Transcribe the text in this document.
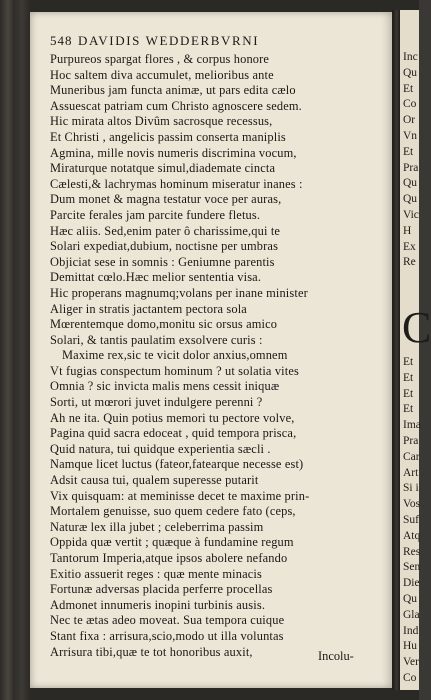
Inc
Qu
Et
Co
Or
Vn
Et
Pra
Qu
Qu
Vic
H
Ex
Re
C
Et
Et
Et
Et
Ima
Pra
Car
Art
Si i
Vos
Suf
Atq
Res
Sen
Die
Qu
Gla
Ind
Hu
Ver
Co
548 DAVIDIS WEDDERBVRNI
Purpureos spargat flores , & corpus honore
Hoc saltem diva accumulet, melioribus ante
Muneribus jam functa animæ, ut pars edita cælo
Assuescat patriam cum Christo agnoscere sedem.
Hic mirata altos Divûm sacrosque recessus,
Et Christi , angelicis passim conserta maniplis
Agmina, mille novis numeris discrimina vocum,
Miraturque notatque simul,diademate cincta
Cælesti,& lachrymas hominum miseratur inanes :
Dum monet & magna testatur voce per auras,
Parcite ferales jam parcite fundere fletus.
Hæc aliis. Sed,enim pater ô charissime,qui te
Solari expediat,dubium, noctisne per umbras
Objiciat sese in somnis : Geniumne parentis
Demittat cœlo.Hæc melior sententia visa.
Hic properans magnumq;volans per inane minister
Aliger in stratis jactantem pectora sola
Mœrentemque domo,monitu sic orsus amico
Solari, & tantis paulatim exsolvere curis :
Maxime rex,sic te vicit dolor anxius,omnem
Vt fugias conspectum hominum ? ut solatia vites
Omnia ? sic invicta malis mens cessit iniquæ
Sorti, ut mœrori juvet indulgere perenni ?
Ah ne ita. Quin potius memori tu pectore volve,
Pagina quid sacra edoceat , quid tempora prisca,
Quid natura, tui quidque experientia sæcli .
Namque licet luctus (fateor,fatearque necesse est)
Adsit causa tui, qualem superesse putarit
Vix quisquam: at meminisse decet te maxime prin-
Mortalem genuisse, suo quem cedere fato (ceps,
Naturæ lex illa jubet ; celeberrima passim
Oppida quæ vertit ; quæque à fundamine regum
Tantorum Imperia,atque ipsos abolere nefando
Exitio assuerit reges : quæ mente minacis
Fortunæ adversas placida perferre procellas
Admonet innumeris inopini turbinis ausis.
Nec te ætas adeo moveat. Sua tempora cuique
Stant fixa : arrisura,scio,modo ut illa voluntas
Arrisura tibi,quæ te tot honoribus auxit,	Incolu-
